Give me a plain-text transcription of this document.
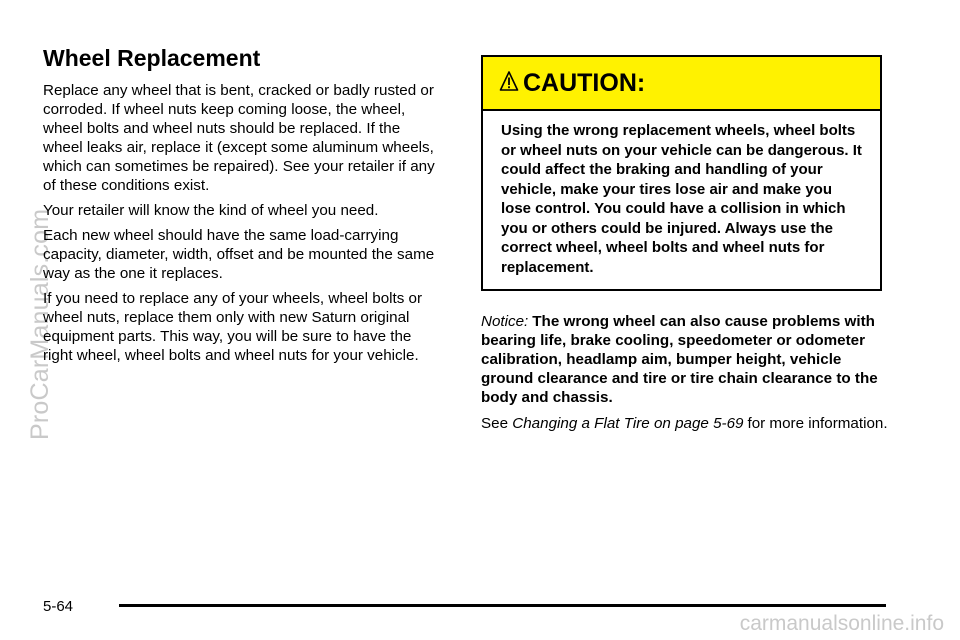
ProCarManuals.com
carmanualsonline.info
Wheel Replacement

Replace any wheel that is bent, cracked or badly rusted or corroded. If wheel nuts keep coming loose, the wheel, wheel bolts and wheel nuts should be replaced. If the wheel leaks air, replace it (except some aluminum wheels, which can sometimes be repaired). See your retailer if any of these conditions exist.

Your retailer will know the kind of wheel you need.

Each new wheel should have the same load-carrying capacity, diameter, width, offset and be mounted the same way as the one it replaces.

If you need to replace any of your wheels, wheel bolts or wheel nuts, replace them only with new Saturn original equipment parts. This way, you will be sure to have the right wheel, wheel bolts and wheel nuts for your vehicle.

CAUTION:
Using the wrong replacement wheels, wheel bolts or wheel nuts on your vehicle can be dangerous. It could affect the braking and handling of your vehicle, make your tires lose air and make you lose control. You could have a collision in which you or others could be injured. Always use the correct wheel, wheel bolts and wheel nuts for replacement.

Notice: The wrong wheel can also cause problems with bearing life, brake cooling, speedometer or odometer calibration, headlamp aim, bumper height, vehicle ground clearance and tire or tire chain clearance to the body and chassis.

See Changing a Flat Tire on page 5-69 for more information.

5-64
